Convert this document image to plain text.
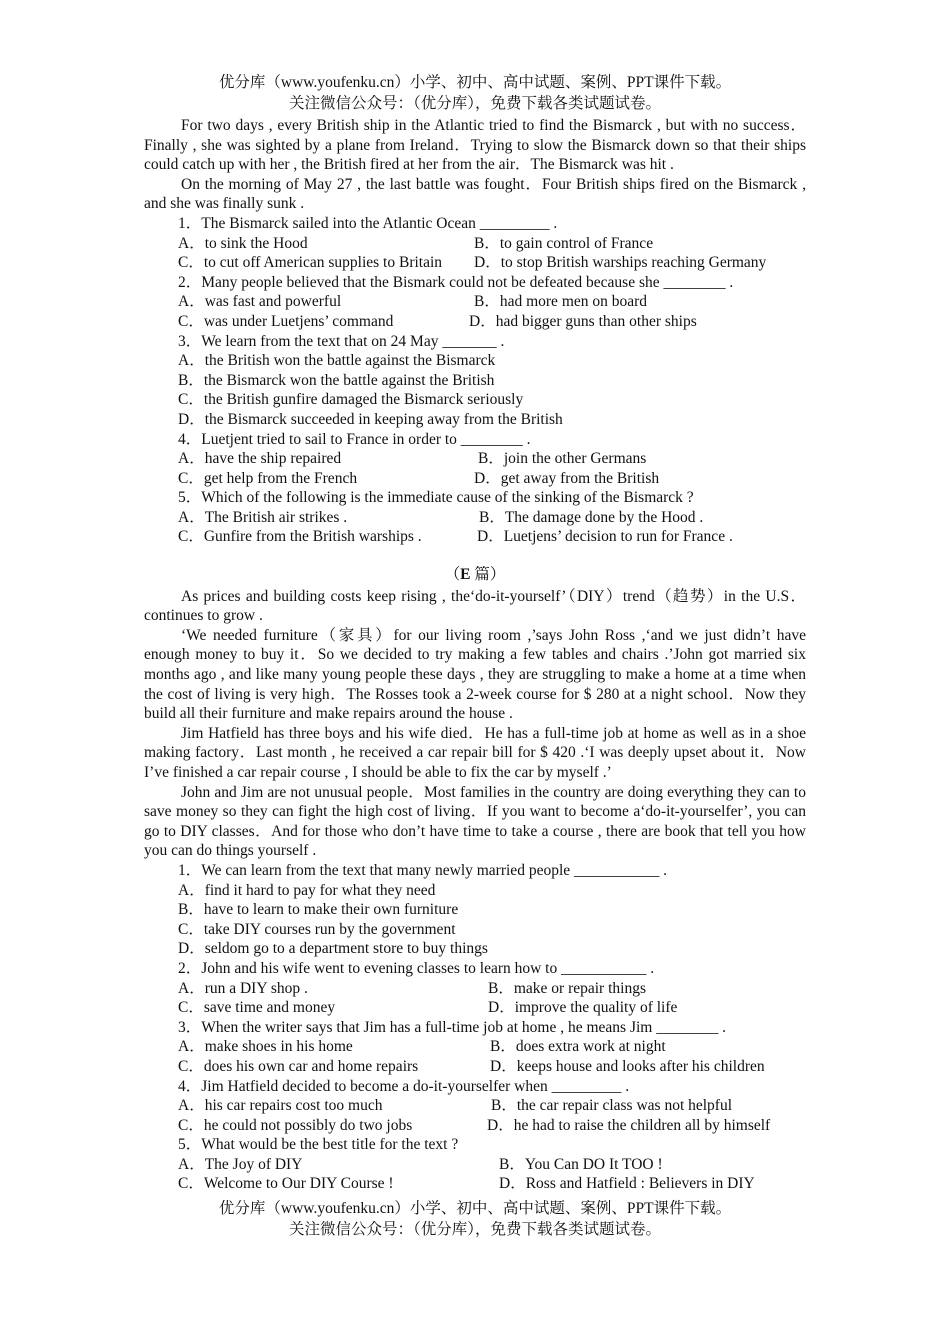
优分库（www.youfenku.cn）小学、初中、高中试题、案例、PPT课件下载。
关注微信公众号：（优分库），免费下载各类试题试卷。

For two days , every British ship in the Atlantic tried to find the Bismarck , but with no success．Finally , she was sighted by a plane from Ireland．Trying to slow the Bismarck down so that their ships could catch up with her , the British fired at her from the air．The Bismarck was hit .

On the morning of May 27 , the last battle was fought．Four British ships fired on the Bismarck , and she was finally sunk .

1．The Bismarck sailed into the Atlantic Ocean _________ .
A．to sink the Hood	B．to gain control of France
C．to cut off American supplies to Britain D．to stop British warships reaching Germany
2．Many people believed that the Bismark could not be defeated because she ________ .
A．was fast and powerful	B．had more men on board
C．was under Luetjens’ command	D．had bigger guns than other ships
3．We learn from the text that on 24 May _______ .
A．the British won the battle against the Bismarck
B．the Bismarck won the battle against the British
C．the British gunfire damaged the Bismarck seriously
D．the Bismarck succeeded in keeping away from the British
4．Luetjent tried to sail to France in order to ________ .
A．have the ship repaired	B．join the other Germans
C．get help from the French	D．get away from the British
5．Which of the following is the immediate cause of the sinking of the Bismarck ?
A．The British air strikes .	B．The damage done by the Hood .
C．Gunfire from the British warships .	D．Luetjens’ decision to run for France .
（E 篇）

As prices and building costs keep rising , the‘do-it-yourself’（DIY）trend（趋势）in the U.S．continues to grow .

‘We needed furniture（家具）for our living room ,’says John Ross ,‘and we just didn’t have enough money to buy it．So we decided to try making a few tables and chairs .’John got married six months ago , and like many young people these days , they are struggling to make a home at a time when the cost of living is very high．The Rosses took a 2-week course for $ 280 at a night school．Now they build all their furniture and make repairs around the house .

Jim Hatfield has three boys and his wife died．He has a full-time job at home as well as in a shoe making factory．Last month , he received a car repair bill for $ 420 .‘I was deeply upset about it．Now I’ve finished a car repair course , I should be able to fix the car by myself .’

John and Jim are not unusual people．Most families in the country are doing everything they can to save money so they can fight the high cost of living．If you want to become a‘do-it-yourselfer’, you can go to DIY classes．And for those who don’t have time to take a course , there are book that tell you how you can do things yourself .

1．We can learn from the text that many newly married people ___________ .
A．find it hard to pay for what they need
B．have to learn to make their own furniture
C．take DIY courses run by the government
D．seldom go to a department store to buy things
2．John and his wife went to evening classes to learn how to ___________ .
A．run a DIY shop .	B．make or repair things
C．save time and money	D．improve the quality of life
3．When the writer says that Jim has a full-time job at home , he means Jim ________ .
A．make shoes in his home	B．does extra work at night
C．does his own car and home repairs	D．keeps house and looks after his children
4．Jim Hatfield decided to become a do-it-yourselfer when _________ .
A．his car repairs cost too much	B．the car repair class was not helpful
C．he could not possibly do two jobs	D．he had to raise the children all by himself
5．What would be the best title for the text ?
A．The Joy of DIY	B．You Can DO It TOO !
C．Welcome to Our DIY Course !	D．Ross and Hatfield : Believers in DIY
优分库（www.youfenku.cn）小学、初中、高中试题、案例、PPT课件下载。
关注微信公众号：（优分库），免费下载各类试题试卷。
